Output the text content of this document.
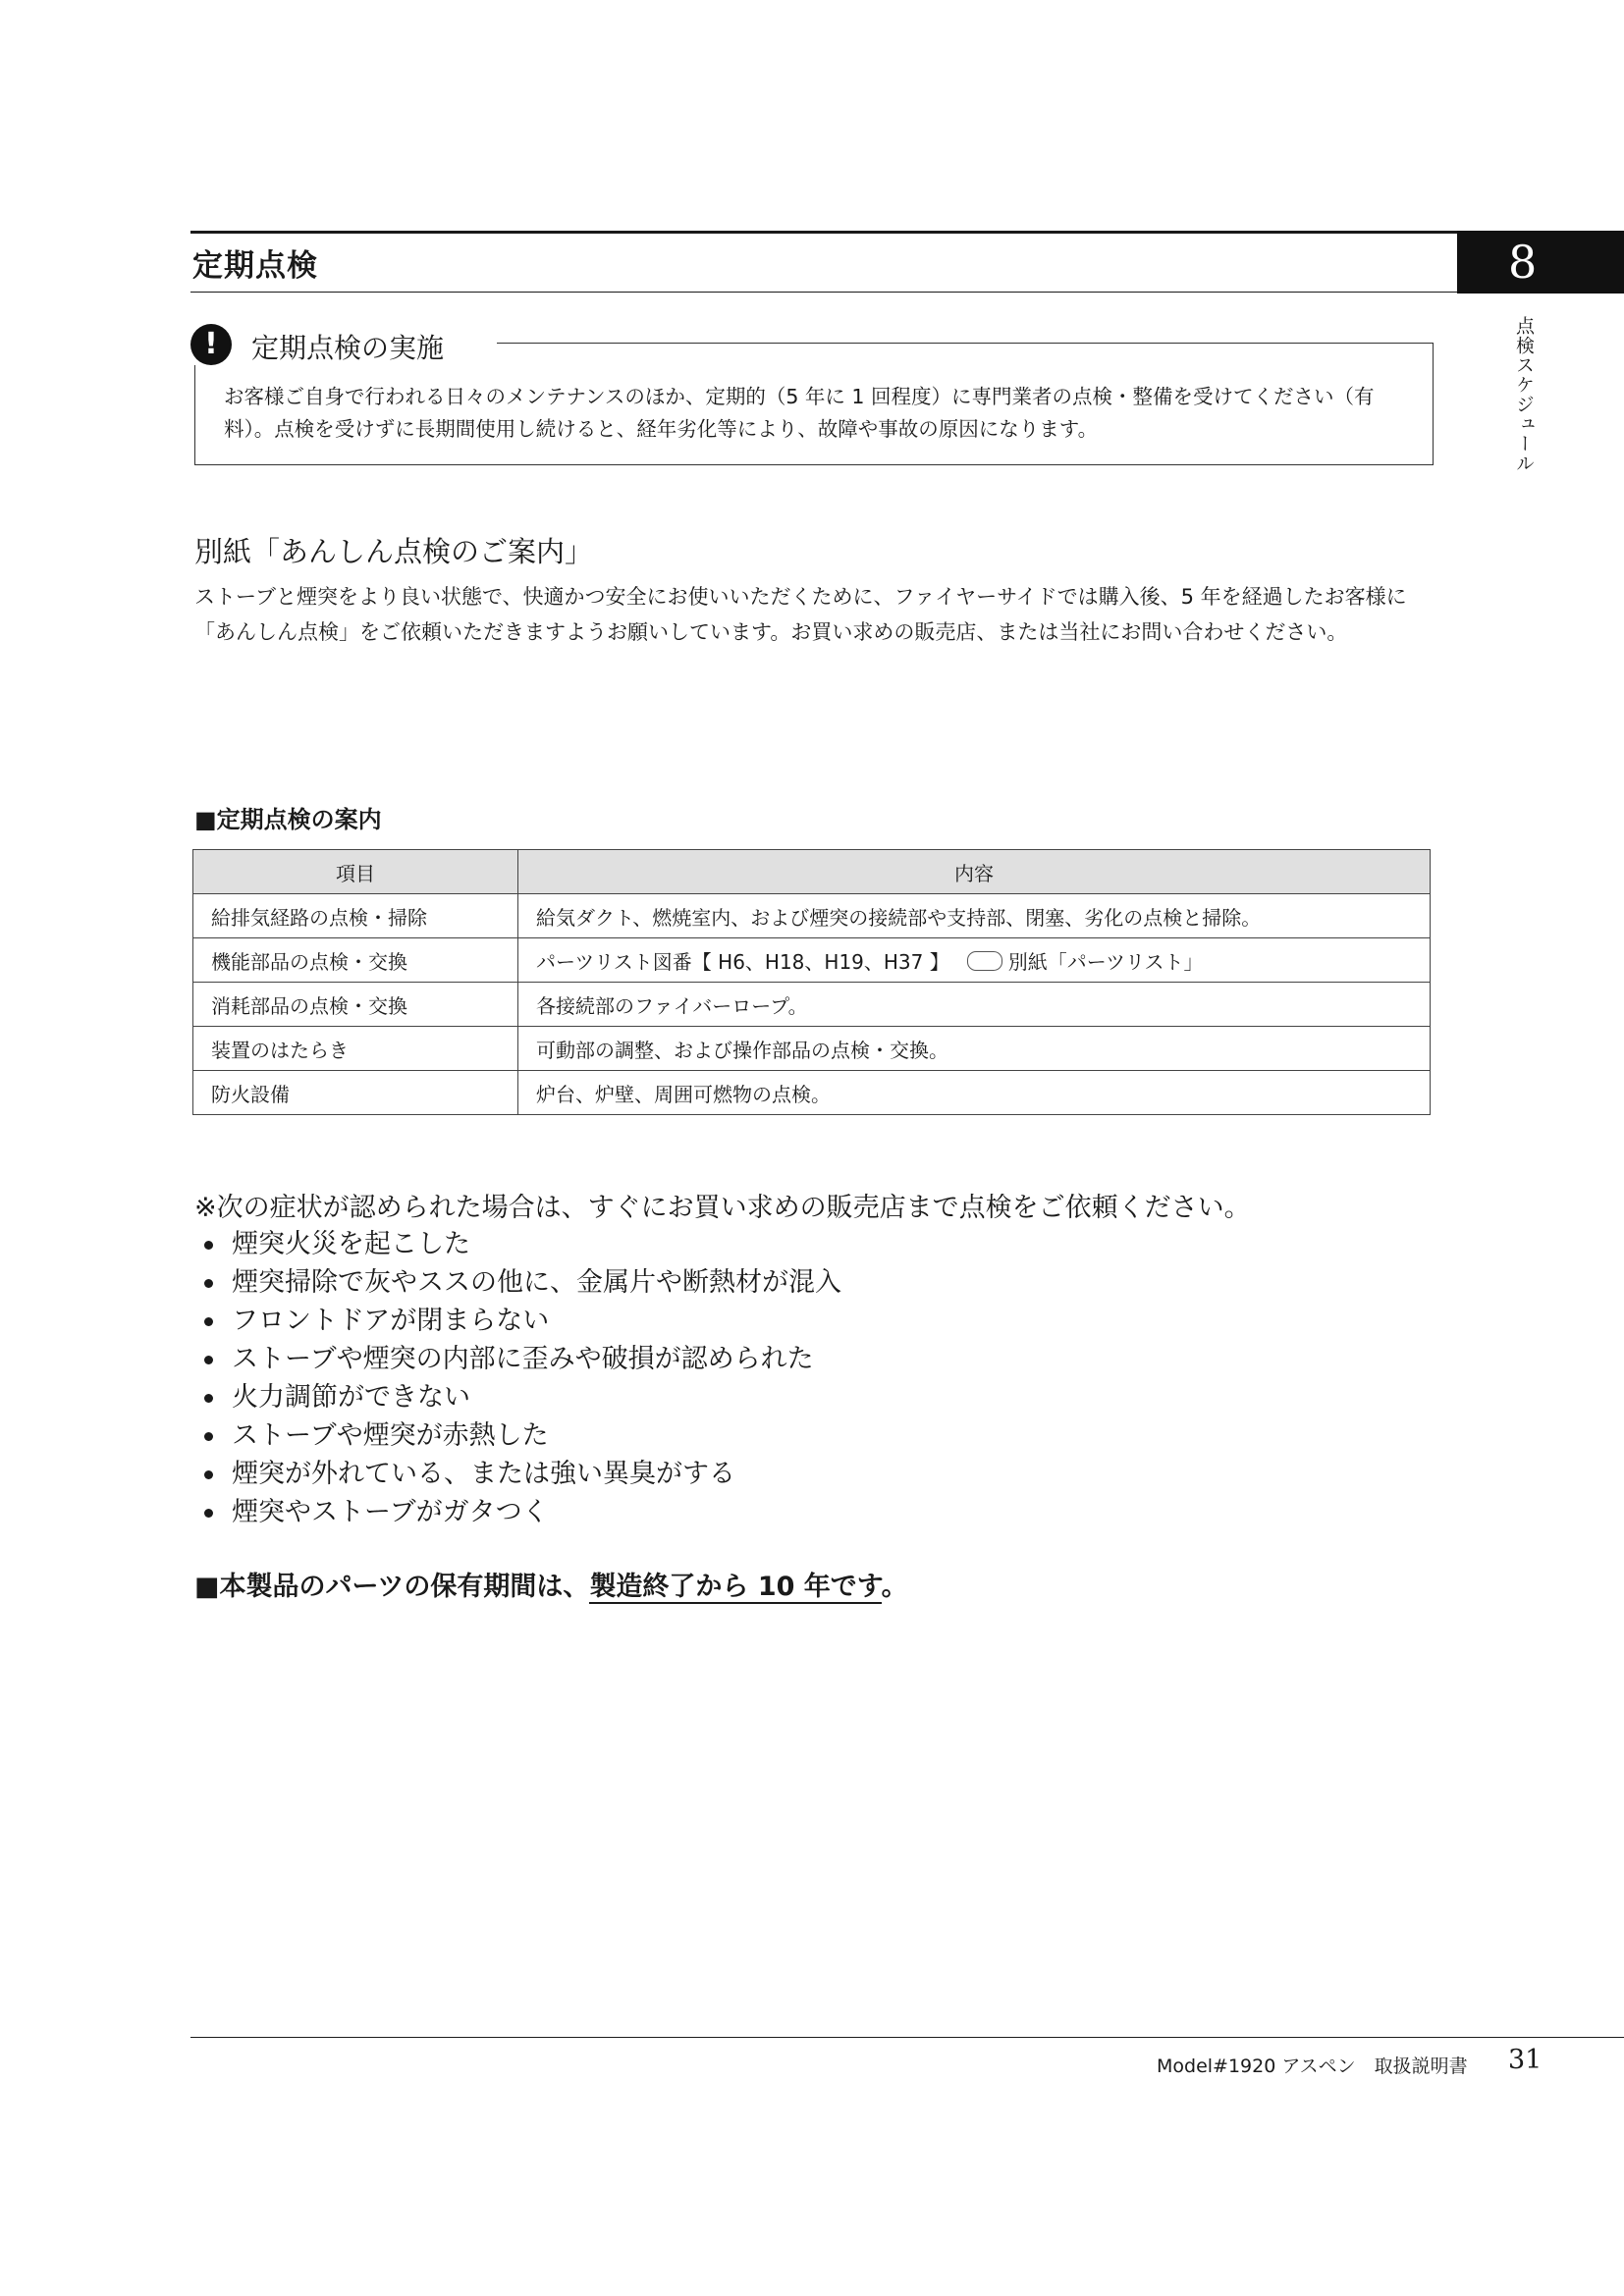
定期点検	8
点検スケジュール
!	定期点検の実施
お客様ご自身で行われる日々のメンテナンスのほか、定期的（5 年に 1 回程度）に専門業者の点検・整備を受けてください（有料）。点検を受けずに長期間使用し続けると、経年劣化等により、故障や事故の原因になります。
別紙「あんしん点検のご案内」
ストーブと煙突をより良い状態で、快適かつ安全にお使いいただくために、ファイヤーサイドでは購入後、5 年を経過したお客様に「あんしん点検」をご依頼いただきますようお願いしています。お買い求めの販売店、または当社にお問い合わせください。
■定期点検の案内
項目	内容
給排気経路の点検・掃除	給気ダクト、燃焼室内、および煙突の接続部や支持部、閉塞、劣化の点検と掃除。
機能部品の点検・交換	パーツリスト図番【 H6、H18、H19、H37 】 別紙「パーツリスト」
消耗部品の点検・交換	各接続部のファイバーロープ。
装置のはたらき	可動部の調整、および操作部品の点検・交換。
防火設備	炉台、炉壁、周囲可燃物の点検。
※次の症状が認められた場合は、すぐにお買い求めの販売店まで点検をご依頼ください。
煙突火災を起こした
煙突掃除で灰やススの他に、金属片や断熱材が混入
フロントドアが閉まらない
ストーブや煙突の内部に歪みや破損が認められた
火力調節ができない
ストーブや煙突が赤熱した
煙突が外れている、または強い異臭がする
煙突やストーブがガタつく
■本製品のパーツの保有期間は、製造終了から 10 年です。
Model#1920 アスペン　取扱説明書 31
